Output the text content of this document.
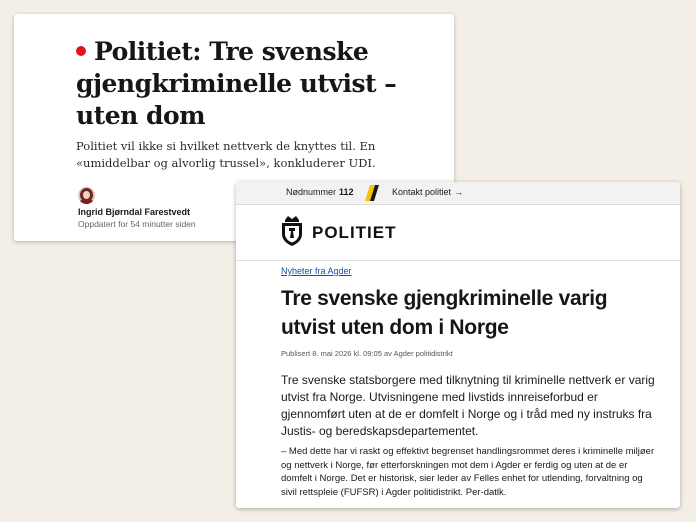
Politiet: Tre svenske gjengkriminelle utvist – uten dom

Politiet vil ikke si hvilket nettverk de knyttes til. En «umiddelbar og alvorlig trussel», konkluderer UDI.

Ingrid Bjørndal Farestvedt
Oppdatert for 54 minutter siden
Nødnummer 112	Kontakt politiet →
POLITIET
Nyheter fra Agder
Tre svenske gjengkriminelle varig utvist uten dom i Norge
Publisert 8. mai 2026 kl. 09:05 av Agder politidistrikt

Tre svenske statsborgere med tilknytning til kriminelle nettverk er varig utvist fra Norge. Utvisningene med livstids innreiseforbud er gjennomført uten at de er domfelt i Norge og i tråd med ny instruks fra Justis- og beredskapsdepartementet.

– Med dette har vi raskt og effektivt begrenset handlingsrommet deres i kriminelle miljøer og nettverk i Norge, før etterforskningen mot dem i Agder er ferdig og uten at de er domfelt i Norge. Det er historisk, sier leder av Felles enhet for utlending, forvaltning og sivil rettspleie (FUFSR) i Agder politidistrikt. Per-datlk.
